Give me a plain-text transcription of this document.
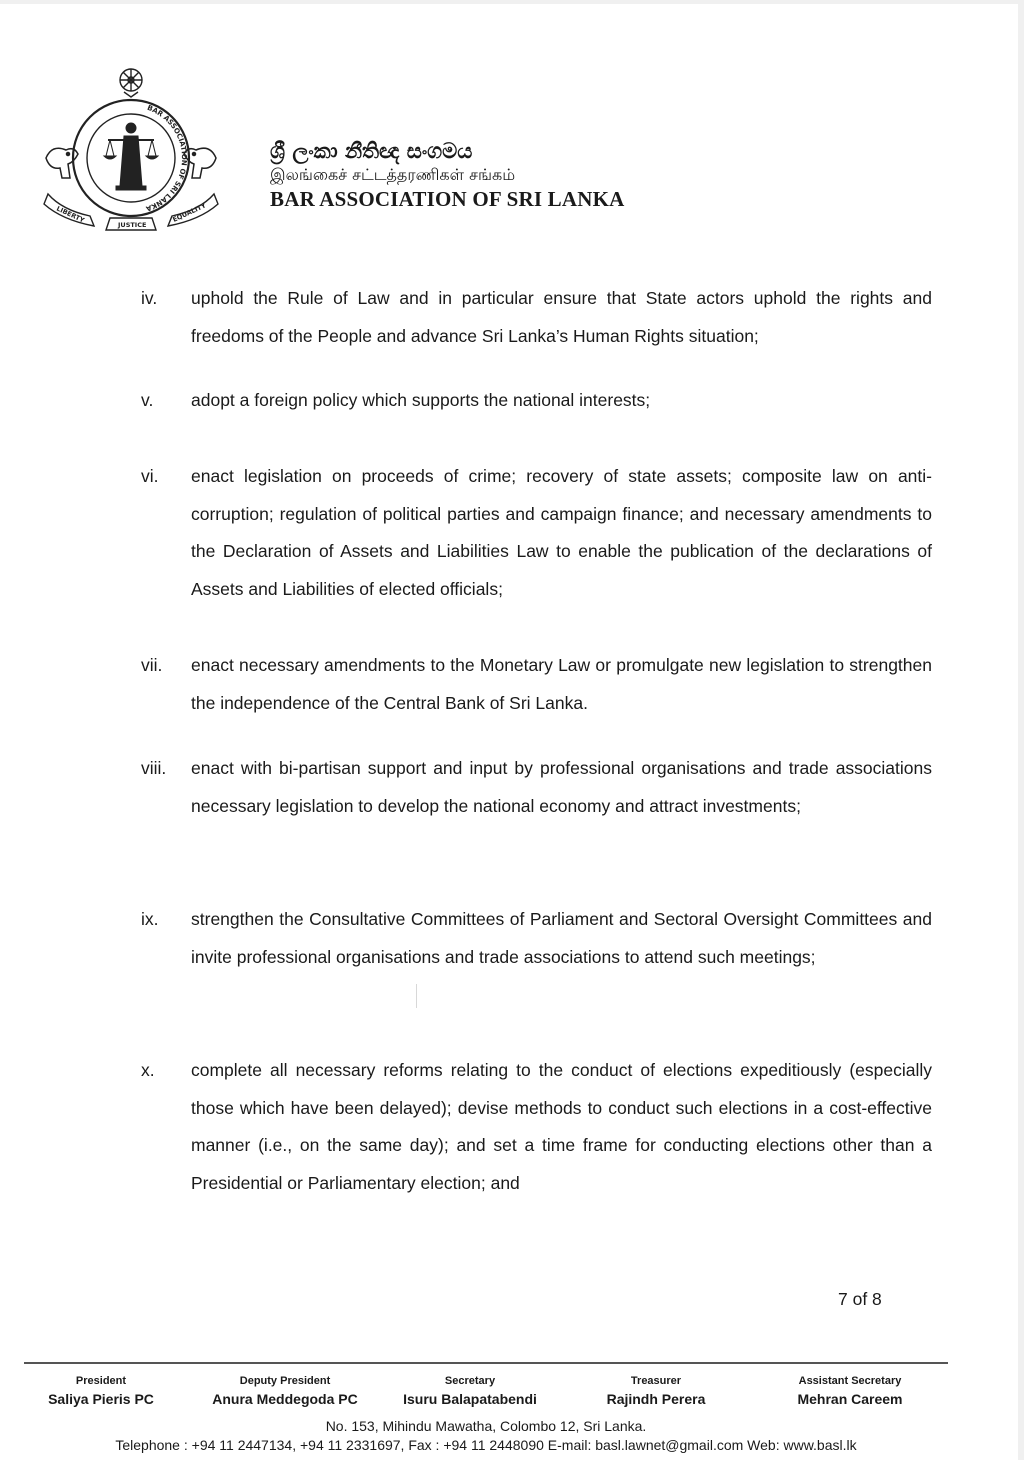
BAR ASSOCIATION OF SRI LANKA
LIBERTY
JUSTICE
EQUALITY
ශ්‍රී ලංකා නීතිඥ සංගමය
இலங்கைச் சட்டத்தரணிகள் சங்கம்
BAR ASSOCIATION OF SRI LANKA
iv. uphold the Rule of Law and in particular ensure that State actors uphold the rights and freedoms of the People and advance Sri Lanka’s Human Rights situation;

v. adopt a foreign policy which supports the national interests;

vi. enact legislation on proceeds of crime; recovery of state assets; composite law on anti-corruption; regulation of political parties and campaign finance; and necessary amendments to the Declaration of Assets and Liabilities Law to enable the publication of the declarations of Assets and Liabilities of elected officials;

vii. enact necessary amendments to the Monetary Law or promulgate new legislation to strengthen the independence of the Central Bank of Sri Lanka.

viii. enact with bi-partisan support and input by professional organisations and trade associations necessary legislation to develop the national economy and attract investments;

ix. strengthen the Consultative Committees of Parliament and Sectoral Oversight Committees and invite professional organisations and trade associations to attend such meetings;

x. complete all necessary reforms relating to the conduct of elections expeditiously (especially those which have been delayed); devise methods to conduct such elections in a cost-effective manner (i.e., on the same day); and set a time frame for conducting elections other than a Presidential or Parliamentary election; and

7 of 8
President
Saliya Pieris PC
Deputy President
Anura Meddegoda PC
Secretary
Isuru Balapatabendi
Treasurer
Rajindh Perera
Assistant Secretary
Mehran Careem
No. 153, Mihindu Mawatha, Colombo 12, Sri Lanka.
Telephone : +94 11 2447134, +94 11 2331697, Fax : +94 11 2448090 E-mail: basl.lawnet@gmail.com Web: www.basl.lk
